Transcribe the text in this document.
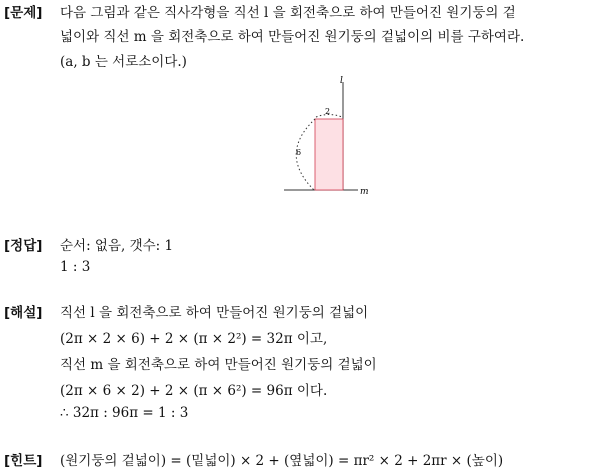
[문제] 다음 그림과 같은 직사각형을 직선 l 을 회전축으로 하여 만들어진 원기둥의 겉
넓이와 직선 m 을 회전축으로 하여 만들어진 원기둥의 겉넓이의 비를 구하여라.
(a, b 는 서로소이다.)
l
m
2
6
[정답] 순서: 없음, 갯수: 1
1 : 3
[해설] 직선 l 을 회전축으로 하여 만들어진 원기둥의 겉넓이
(2π × 2 × 6) + 2 × (π × 2²) = 32π 이고,
직선 m 을 회전축으로 하여 만들어진 원기둥의 겉넓이
(2π × 6 × 2) + 2 × (π × 6²) = 96π 이다.
∴ 32π : 96π = 1 : 3
[힌트] (원기둥의 겉넓이) = (밑넓이) × 2 + (옆넓이) = πr² × 2 + 2πr × (높이)
